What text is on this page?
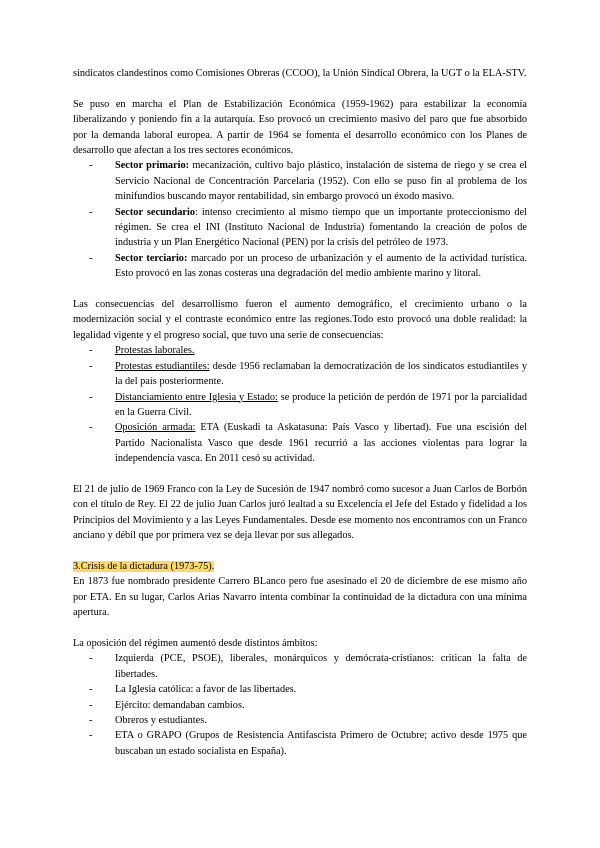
sindicatos clandestinos como Comisiones Obreras (CCOO), la Unión Sindical Obrera, la UGT o la ELA-STV.

Se puso en marcha el Plan de Estabilización Económica (1959-1962) para estabilizar la economía liberalizando y poniendo fin a la autarquía. Eso provocó un crecimiento masivo del paro que fue absorbido por la demanda laboral europea. A partir de 1964 se fomenta el desarrollo económico con los Planes de desarrollo que afectan a los tres sectores económicos.

- Sector primario: mecanización, cultivo bajo plástico, instalación de sistema de riego y se crea el Servicio Nacional de Concentración Parcelaria (1952). Con ello se puso fin al problema de los minifundios buscando mayor rentabilidad, sin embargo provocó un éxodo masivo.
- Sector secundario: intenso crecimiento al mismo tiempo que un importante proteccionismo del régimen. Se crea el INI (Instituto Nacional de Industria) fomentando la creación de polos de industria y un Plan Energético Nacional (PEN) por la crisis del petróleo de 1973.
- Sector terciario: marcado por un proceso de urbanización y el aumento de la actividad turística. Esto provocó en las zonas costeras una degradación del medio ambiente marino y litoral.

Las consecuencias del desarrollismo fueron el aumento demográfico, el crecimiento urbano o la modernización social y el contraste económico entre las regiones.Todo esto provocó una doble realidad: la legalidad vigente y el progreso social, que tuvo una serie de consecuencias:

- Protestas laborales.
- Protestas estudiantiles: desde 1956 reclamaban la democratización de los sindicatos estudiantiles y la del país posteriormente.
- Distanciamiento entre Iglesia y Estado: se produce la petición de perdón de 1971 por la parcialidad en la Guerra Civil.
- Oposición armada: ETA (Euskadi ta Askatasuna: País Vasco y libertad). Fue una escisión del Partido Nacionalista Vasco que desde 1961 recurrió a las acciones violentas para lograr la independencia vasca. En 2011 cesó su actividad.

El 21 de julio de 1969 Franco con la Ley de Sucesión de 1947 nombró como sucesor a Juan Carlos de Borbón con el título de Rey. El 22 de julio Juan Carlos juró lealtad a su Excelencia el Jefe del Estado y fidelidad a los Principios del Movimiento y a las Leyes Fundamentales. Desde ese momento nos encontramos con un Franco anciano y débil que por primera vez se deja llevar por sus allegados.

3.Crisis de la dictadura (1973-75).

En 1873 fue nombrado presidente Carrero BLanco pero fue asesinado el 20 de diciembre de ese mismo año por ETA. En su lugar, Carlos Arias Navarro intenta combinar la continuidad de la dictadura con una mínima apertura.

La oposición del régimen aumentó desde distintos ámbitos:

- Izquierda (PCE, PSOE), liberales, monárquicos y demócrata-cristianos: critican la falta de libertades.
- La Iglesia católica: a favor de las libertades.
- Ejército: demandaban cambios.
- Obreros y estudiantes.
- ETA o GRAPO (Grupos de Resistencia Antifascista Primero de Octubre; activo desde 1975 que buscaban un estado socialista en España).
